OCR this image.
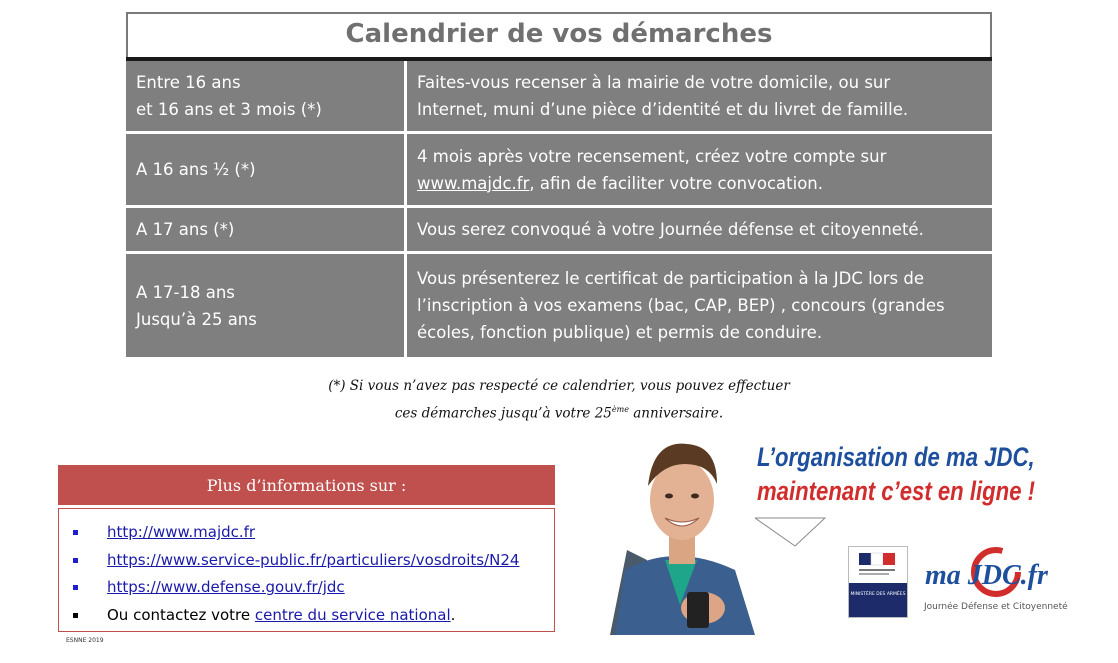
Calendrier de vos démarches
Entre 16 ans
et 16 ans et 3 mois (*)
Faites-vous recenser à la mairie de votre domicile, ou sur
Internet, muni d’une pièce d’identité et du livret de famille.
A 16 ans ½ (*)
4 mois après votre recensement, créez votre compte sur
www.majdc.fr, afin de faciliter votre convocation.
A 17 ans (*)	Vous serez convoqué à votre Journée défense et citoyenneté.
A 17-18 ans
Jusqu’à 25 ans
Vous présenterez le certificat de participation à la JDC lors de
l’inscription à vos examens (bac, CAP, BEP) , concours (grandes
écoles, fonction publique) et permis de conduire.
(*) Si vous n’avez pas respecté ce calendrier, vous pouvez effectuer
ces démarches jusqu’à votre 25ème anniversaire.
Plus d’informations sur :
http://www.majdc.fr
https://www.service-public.fr/particuliers/vosdroits/N24
https://www.defense.gouv.fr/jdc
Ou contactez votre centre du service national.
ESNNE 2019
L’organisation de ma JDC,
maintenant c’est en ligne !
MINISTÈRE DES ARMÉES
ma JDC.fr
Journée Défense et Citoyenneté
